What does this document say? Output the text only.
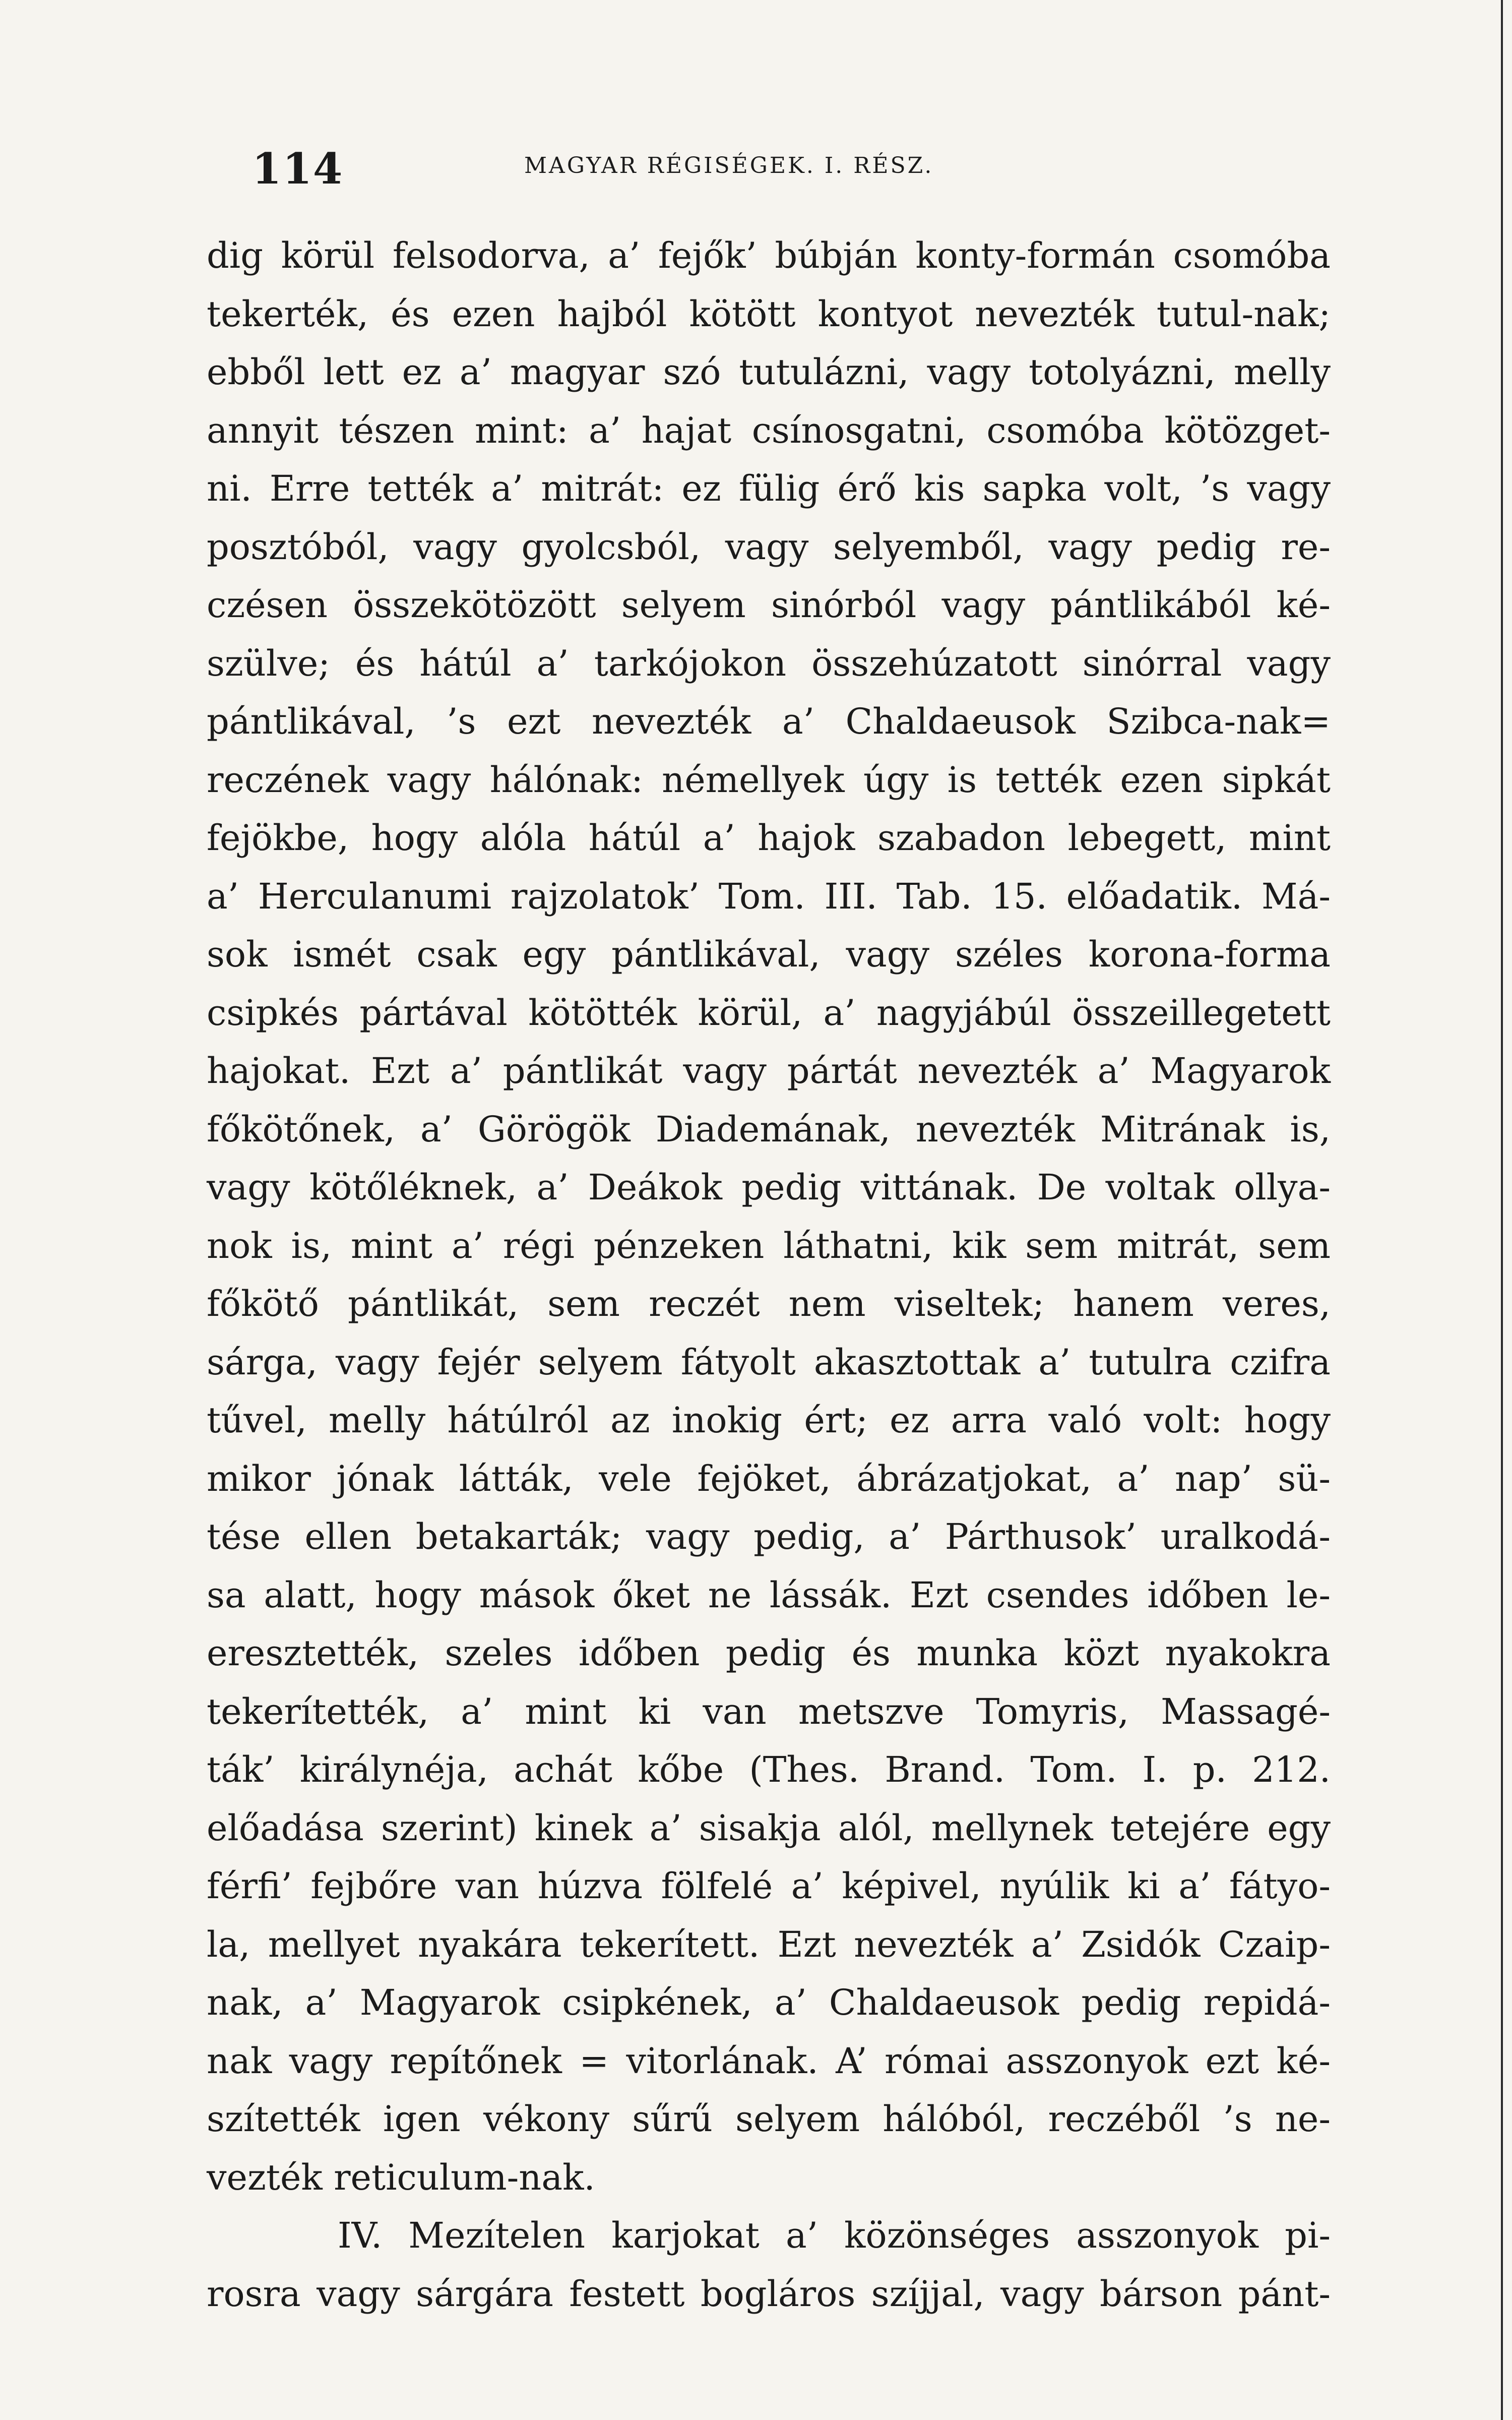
114	MAGYAR RÉGISÉGEK. I. RÉSZ.
dig körül felsodorva, a’ fejők’ búbján konty-formán csomóba
tekerték, és ezen hajból kötött kontyot nevezték tutul-nak;
ebből lett ez a’ magyar szó tutulázni, vagy totolyázni, melly
annyit tészen mint: a’ hajat csínosgatni, csomóba kötözget-
ni. Erre tették a’ mitrát: ez fülig érő kis sapka volt, ’s vagy
posztóból, vagy gyolcsból, vagy selyemből, vagy pedig re-
czésen összekötözött selyem sinórból vagy pántlikából ké-
szülve; és hátúl a’ tarkójokon összehúzatott sinórral vagy
pántlikával, ’s ezt nevezték a’ Chaldaeusok Szibca-nak=
reczének vagy hálónak: némellyek úgy is tették ezen sipkát
fejökbe, hogy alóla hátúl a’ hajok szabadon lebegett, mint
a’ Herculanumi rajzolatok’ Tom. III. Tab. 15. előadatik. Má-
sok ismét csak egy pántlikával, vagy széles korona-forma
csipkés pártával kötötték körül, a’ nagyjábúl összeillegetett
hajokat. Ezt a’ pántlikát vagy pártát nevezték a’ Magyarok
főkötőnek, a’ Görögök Diademának, nevezték Mitrának is,
vagy kötőléknek, a’ Deákok pedig vittának. De voltak ollya-
nok is, mint a’ régi pénzeken láthatni, kik sem mitrát, sem
főkötő pántlikát, sem reczét nem viseltek; hanem veres,
sárga, vagy fejér selyem fátyolt akasztottak a’ tutulra czifra
tűvel, melly hátúlról az inokig ért; ez arra való volt: hogy
mikor jónak látták, vele fejöket, ábrázatjokat, a’ nap’ sü-
tése ellen betakarták; vagy pedig, a’ Párthusok’ uralkodá-
sa alatt, hogy mások őket ne lássák. Ezt csendes időben le-
eresztették, szeles időben pedig és munka közt nyakokra
tekerítették, a’ mint ki van metszve Tomyris, Massagé-
ták’ királynéja, achát kőbe (Thes. Brand. Tom. I. p. 212.
előadása szerint) kinek a’ sisakja alól, mellynek tetejére egy
férfi’ fejbőre van húzva fölfelé a’ képivel, nyúlik ki a’ fátyo-
la, mellyet nyakára tekerített. Ezt nevezték a’ Zsidók Czaip-
nak, a’ Magyarok csipkének, a’ Chaldaeusok pedig repidá-
nak vagy repítőnek = vitorlának. A’ római asszonyok ezt ké-
szítették igen vékony sűrű selyem hálóból, reczéből ’s ne-
vezték reticulum-nak.
IV. Mezítelen karjokat a’ közönséges asszonyok pi-
rosra vagy sárgára festett bogláros szíjjal, vagy bárson pánt-
